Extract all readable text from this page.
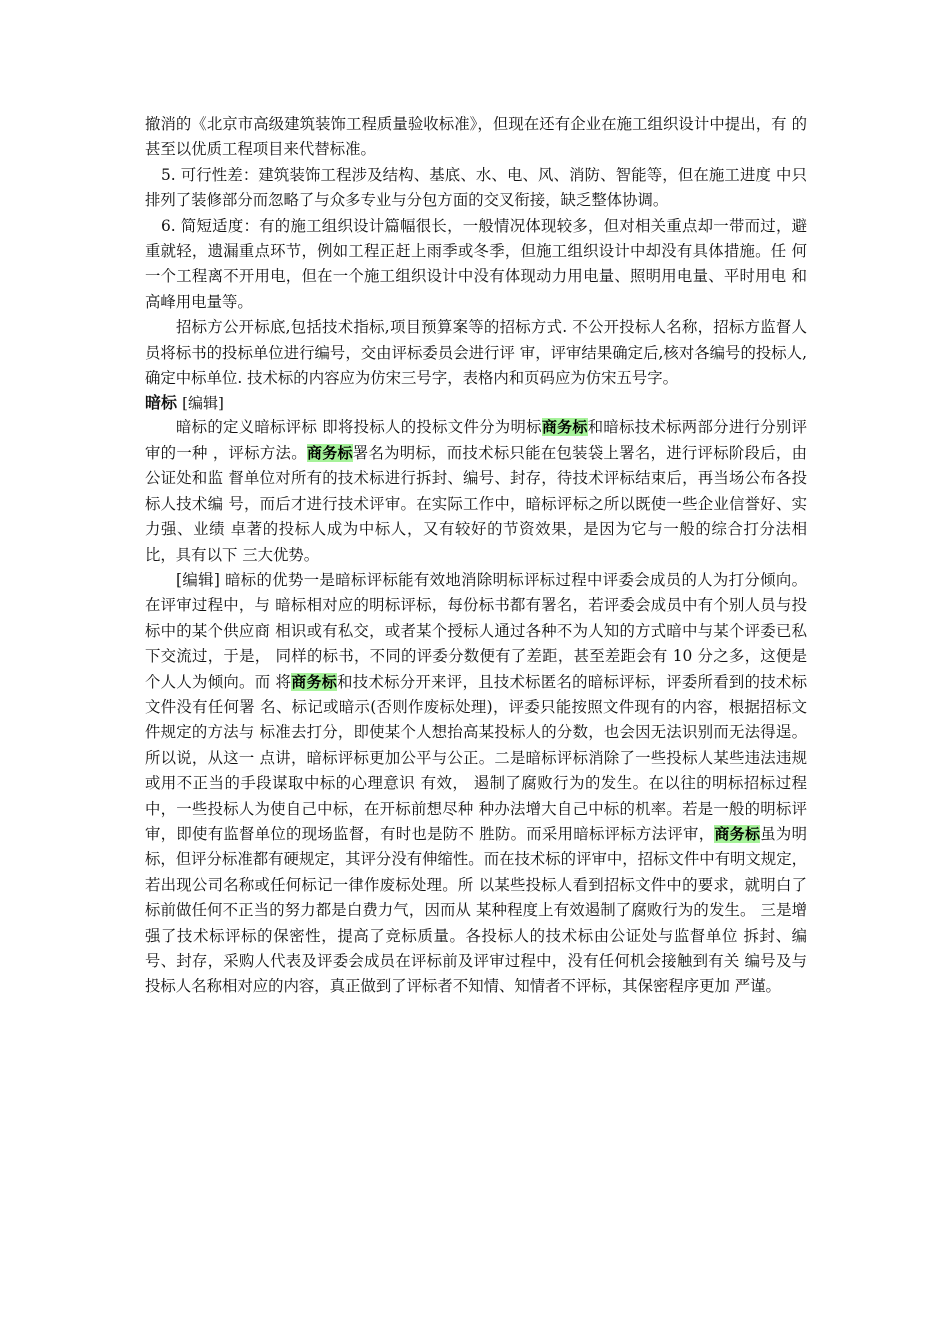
撤消的《北京市高级建筑装饰工程质量验收标准》，但现在还有企业在施工组织设计中提出，有 的甚至以优质工程项目来代替标准。

5. 可行性差：建筑装饰工程涉及结构、基底、水、电、风、消防、智能等，但在施工进度 中只排列了装修部分而忽略了与众多专业与分包方面的交叉衔接，缺乏整体协调。

6. 简短适度：有的施工组织设计篇幅很长，一般情况体现较多，但对相关重点却一带而过，避重就轻，遗漏重点环节，例如工程正赶上雨季或冬季，但施工组织设计中却没有具体措施。任 何一个工程离不开用电，但在一个施工组织设计中没有体现动力用电量、照明用电量、平时用电 和高峰用电量等。

招标方公开标底,包括技术指标,项目预算案等的招标方式. 不公开投标人名称，招标方监督人员将标书的投标单位进行编号，交由评标委员会进行评 审，评审结果确定后,核对各编号的投标人,确定中标单位. 技术标的内容应为仿宋三号字，表格内和页码应为仿宋五号字。

暗标 [编辑]

暗标的定义暗标评标 即将投标人的投标文件分为明标商务标和暗标技术标两部分进行分别评审的一种 ，评标方法。商务标署名为明标，而技术标只能在包装袋上署名，进行评标阶段后，由公证处和监 督单位对所有的技术标进行拆封、编号、封存，待技术评标结束后，再当场公布各投标人技术编 号，而后才进行技术评审。在实际工作中，暗标评标之所以既使一些企业信誉好、实力强、业绩 卓著的投标人成为中标人，又有较好的节资效果，是因为它与一般的综合打分法相比，具有以下 三大优势。

[编辑] 暗标的优势一是暗标评标能有效地消除明标评标过程中评委会成员的人为打分倾向。在评审过程中，与 暗标相对应的明标评标，每份标书都有署名，若评委会成员中有个别人员与投标中的某个供应商 相识或有私交，或者某个授标人通过各种不为人知的方式暗中与某个评委已私下交流过，于是， 同样的标书，不同的评委分数便有了差距，甚至差距会有 10 分之多，这便是个人人为倾向。而 将商务标和技术标分开来评，且技术标匿名的暗标评标，评委所看到的技术标文件没有任何署 名、标记或暗示(否则作废标处理)，评委只能按照文件现有的内容，根据招标文件规定的方法与 标准去打分，即使某个人想抬高某投标人的分数，也会因无法识别而无法得逞。所以说，从这一 点讲，暗标评标更加公平与公正。二是暗标评标消除了一些投标人某些违法违规或用不正当的手段谋取中标的心理意识 有效， 遏制了腐败行为的发生。在以往的明标招标过程中，一些投标人为使自己中标，在开标前想尽种 种办法增大自己中标的机率。若是一般的明标评审，即使有监督单位的现场监督，有时也是防不 胜防。而采用暗标评标方法评审，商务标虽为明标，但评分标准都有硬规定，其评分没有伸缩性。而在技术标的评审中，招标文件中有明文规定，若出现公司名称或任何标记一律作废标处理。所 以某些投标人看到招标文件中的要求，就明白了标前做任何不正当的努力都是白费力气，因而从 某种程度上有效遏制了腐败行为的发生。 三是增强了技术标评标的保密性，提高了竞标质量。各投标人的技术标由公证处与监督单位 拆封、编号、封存，采购人代表及评委会成员在评标前及评审过程中，没有任何机会接触到有关 编号及与投标人名称相对应的内容，真正做到了评标者不知情、知情者不评标，其保密程序更加 严谨。
